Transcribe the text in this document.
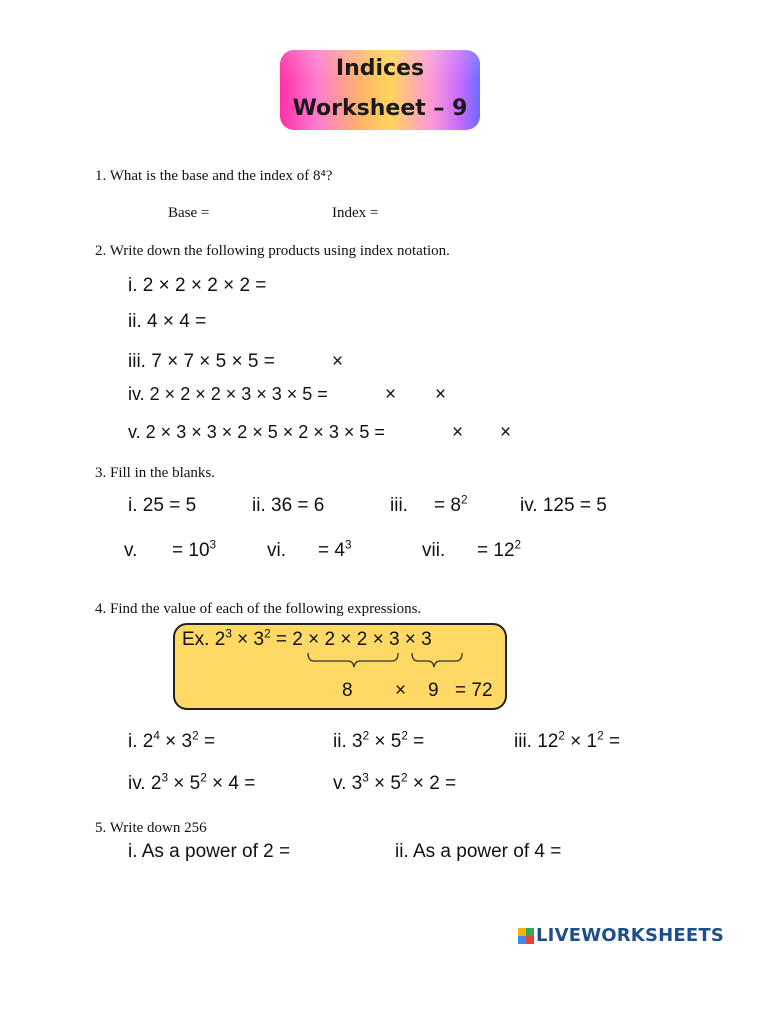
Indices
Worksheet – 9
1. What is the base and the index of 8⁴?
Base =	Index =
2. Write down the following products using index notation.
i. 2 × 2 × 2 × 2 =
ii. 4 × 4 =
iii. 7 × 7 × 5 × 5 =	×
iv. 2 × 2 × 2 × 3 × 3 × 5 =	× ×
v. 2 × 3 × 3 × 2 × 5 × 2 × 3 × 5 =	× ×
3. Fill in the blanks.
i. 25 = 5	ii. 36 = 6	iii. = $8^2$	iv. 125 = 5
v. = $10^3$	vi. = $4^3$	vii. = $12^2$
4. Find the value of each of the following expressions.
Ex. $2^3 \times 3^2 = 2 \times 2 \times 2 \times 3 \times 3$
8 × 9 = 72
i. $2^4 \times 3^2$ =	ii. $3^2 \times 5^2$ =	iii. $12^2 \times 1^2$ =
iv. $2^3 \times 5^2 \times 4$ =	v. $3^3 \times 5^2 \times 2$ =
5. Write down 256
i. As a power of 2 =	ii. As a power of 4 =
LIVEWORKSHEETS
